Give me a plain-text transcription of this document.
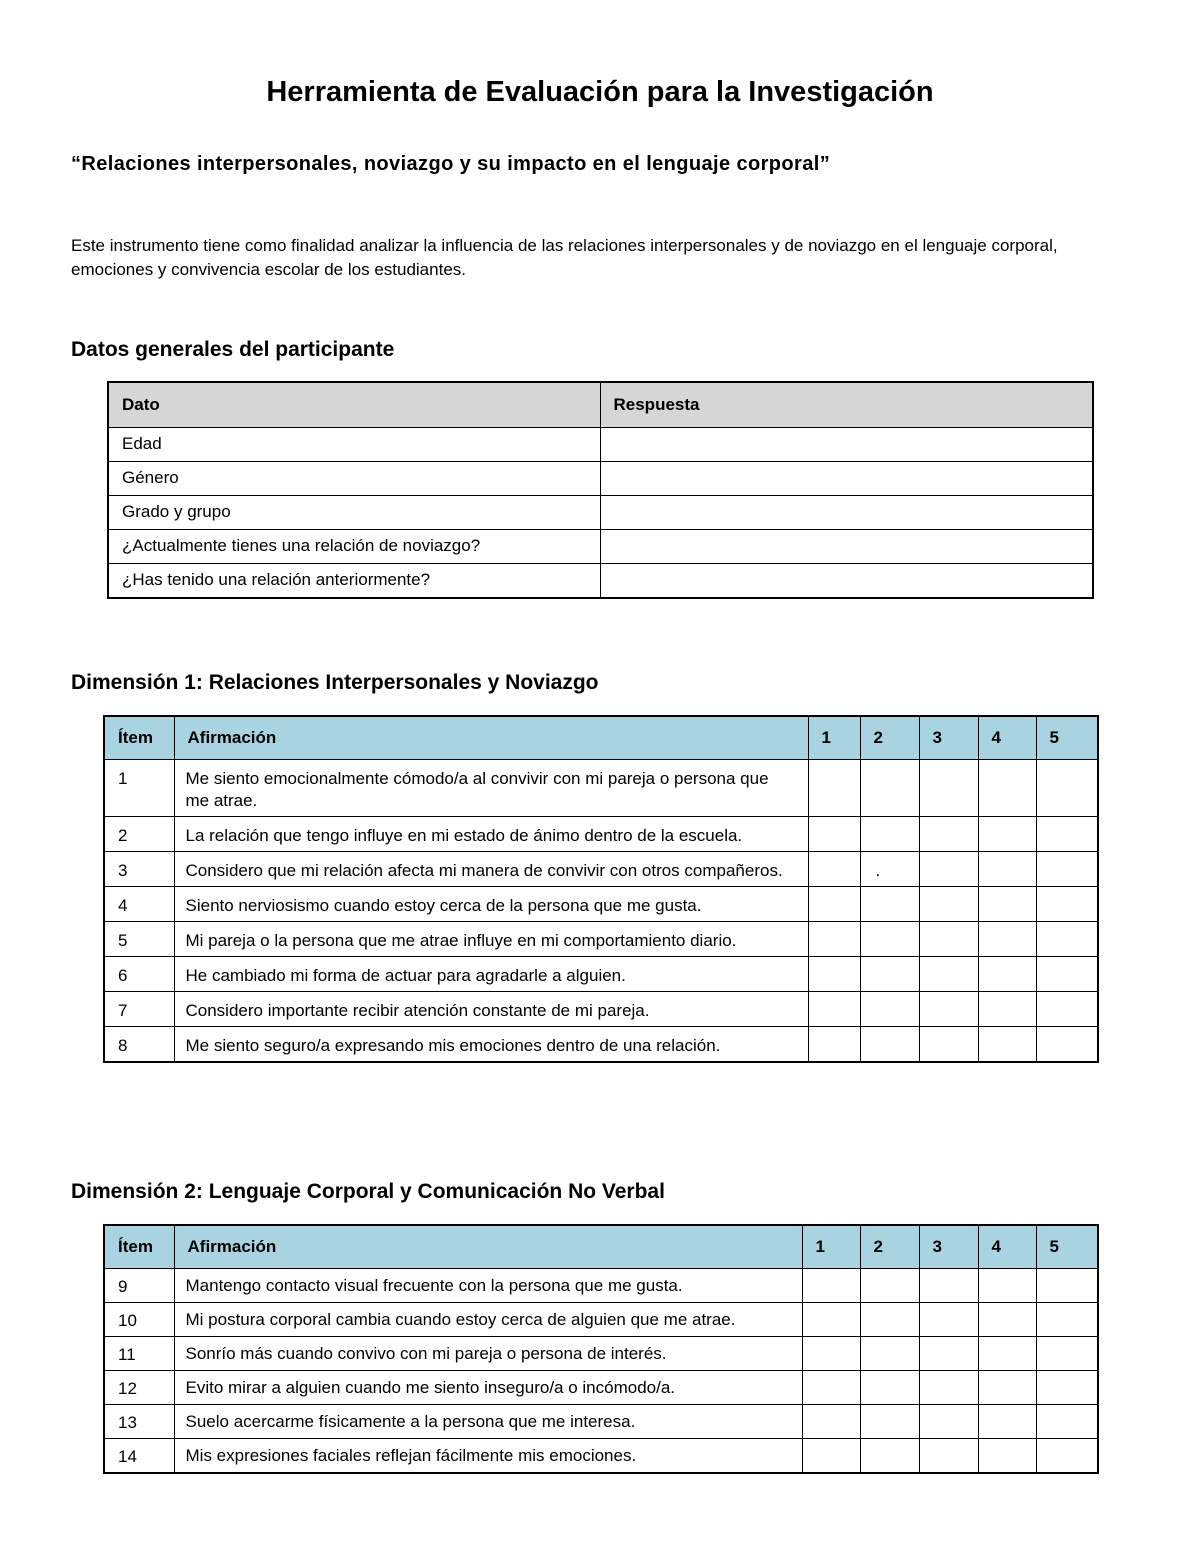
Herramienta de Evaluación para la Investigación
“Relaciones interpersonales, noviazgo y su impacto en el lenguaje corporal”

Este instrumento tiene como finalidad analizar la influencia de las relaciones interpersonales y de noviazgo en el lenguaje corporal, emociones y convivencia escolar de los estudiantes.

Datos generales del participante
Dato	Respuesta
Edad	
Género	
Grado y grupo	
¿Actualmente tienes una relación de noviazgo?	
¿Has tenido una relación anteriormente?	
Dimensión 1: Relaciones Interpersonales y Noviazgo
Ítem	Afirmación	1	2	3	4	5
1	Me siento emocionalmente cómodo/a al convivir con mi pareja o persona que me atrae.					
2	La relación que tengo influye en mi estado de ánimo dentro de la escuela.					
3	Considero que mi relación afecta mi manera de convivir con otros compañeros.		.			
4	Siento nerviosismo cuando estoy cerca de la persona que me gusta.					
5	Mi pareja o la persona que me atrae influye en mi comportamiento diario.					
6	He cambiado mi forma de actuar para agradarle a alguien.					
7	Considero importante recibir atención constante de mi pareja.					
8	Me siento seguro/a expresando mis emociones dentro de una relación.					
Dimensión 2: Lenguaje Corporal y Comunicación No Verbal
Ítem	Afirmación	1	2	3	4	5
9	Mantengo contacto visual frecuente con la persona que me gusta.					
10	Mi postura corporal cambia cuando estoy cerca de alguien que me atrae.					
11	Sonrío más cuando convivo con mi pareja o persona de interés.					
12	Evito mirar a alguien cuando me siento inseguro/a o incómodo/a.					
13	Suelo acercarme físicamente a la persona que me interesa.					
14	Mis expresiones faciales reflejan fácilmente mis emociones.					
